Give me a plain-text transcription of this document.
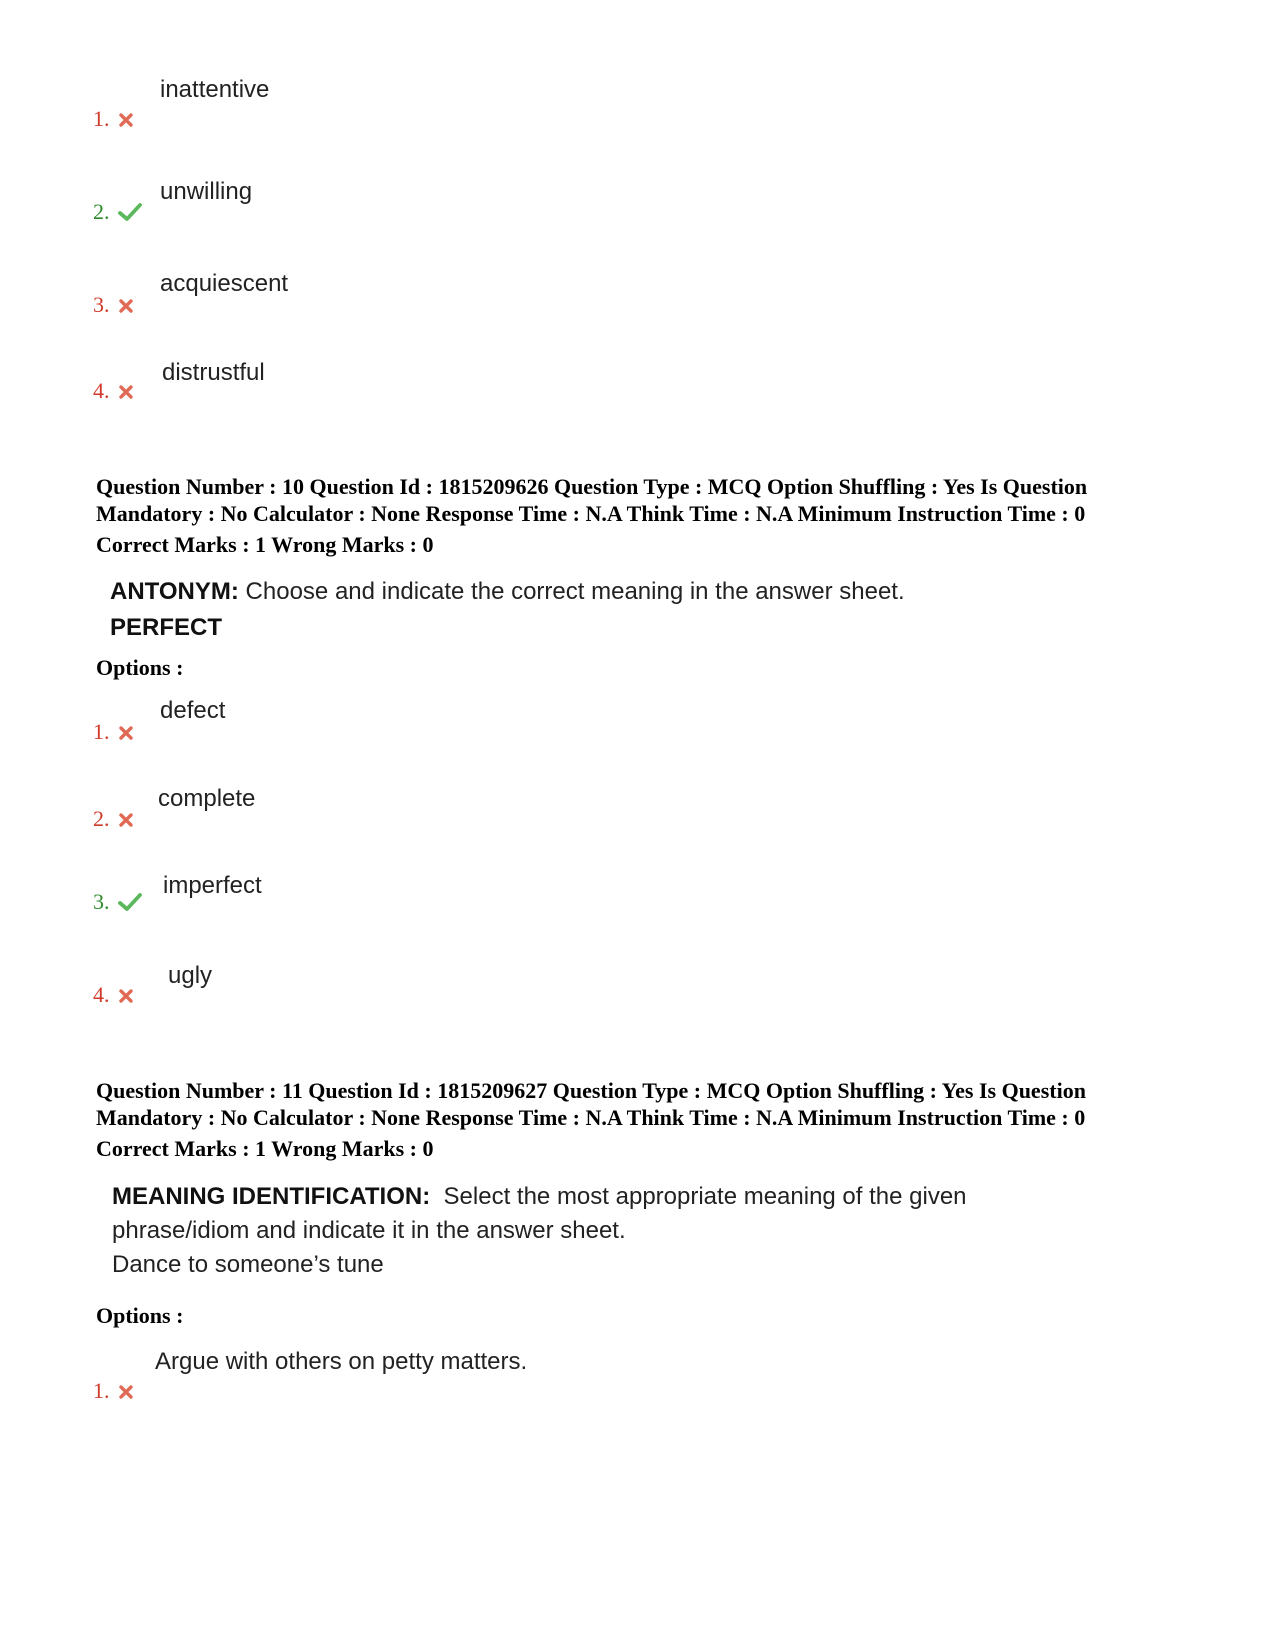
inattentive
1.
unwilling
2.
acquiescent
3.
distrustful
4.
Question Number : 10 Question Id : 1815209626 Question Type : MCQ Option Shuffling : Yes Is Question
Mandatory : No Calculator : None Response Time : N.A Think Time : N.A Minimum Instruction Time : 0
Correct Marks : 1 Wrong Marks : 0
ANTONYM: Choose and indicate the correct meaning in the answer sheet.
PERFECT
Options :
defect
1.
complete
2.
imperfect
3.
ugly
4.
Question Number : 11 Question Id : 1815209627 Question Type : MCQ Option Shuffling : Yes Is Question
Mandatory : No Calculator : None Response Time : N.A Think Time : N.A Minimum Instruction Time : 0
Correct Marks : 1 Wrong Marks : 0
MEANING IDENTIFICATION:  Select the most appropriate meaning of the given
phrase/idiom and indicate it in the answer sheet.
Dance to someone’s tune
Options :
Argue with others on petty matters.
1.
